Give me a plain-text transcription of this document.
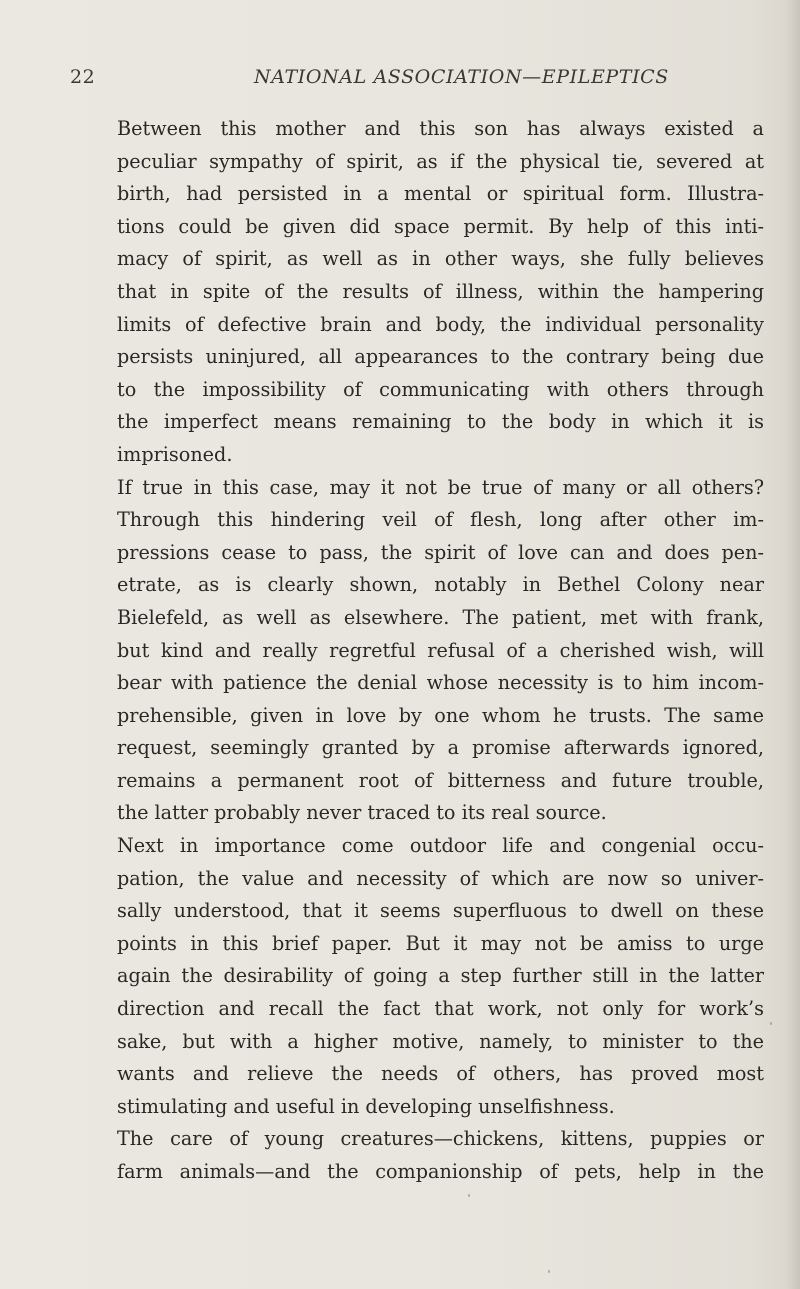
22	NATIONAL ASSOCIATION—EPILEPTICS
Between this mother and this son has always existed a
peculiar sympathy of spirit, as if the physical tie, severed at
birth, had persisted in a mental or spiritual form. Illustra-
tions could be given did space permit. By help of this inti-
macy of spirit, as well as in other ways, she fully believes
that in spite of the results of illness, within the hampering
limits of defective brain and body, the individual personality
persists uninjured, all appearances to the contrary being due
to the impossibility of communicating with others through
the imperfect means remaining to the body in which it is
imprisoned.
If true in this case, may it not be true of many or all others?
Through this hindering veil of flesh, long after other im-
pressions cease to pass, the spirit of love can and does pen-
etrate, as is clearly shown, notably in Bethel Colony near
Bielefeld, as well as elsewhere. The patient, met with frank,
but kind and really regretful refusal of a cherished wish, will
bear with patience the denial whose necessity is to him incom-
prehensible, given in love by one whom he trusts. The same
request, seemingly granted by a promise afterwards ignored,
remains a permanent root of bitterness and future trouble,
the latter probably never traced to its real source.
Next in importance come outdoor life and congenial occu-
pation, the value and necessity of which are now so univer-
sally understood, that it seems superfluous to dwell on these
points in this brief paper. But it may not be amiss to urge
again the desirability of going a step further still in the latter
direction and recall the fact that work, not only for work’s
sake, but with a higher motive, namely, to minister to the
wants and relieve the needs of others, has proved most
stimulating and useful in developing unselfishness.
The care of young creatures—chickens, kittens, puppies or
farm animals—and the companionship of pets, help in the
